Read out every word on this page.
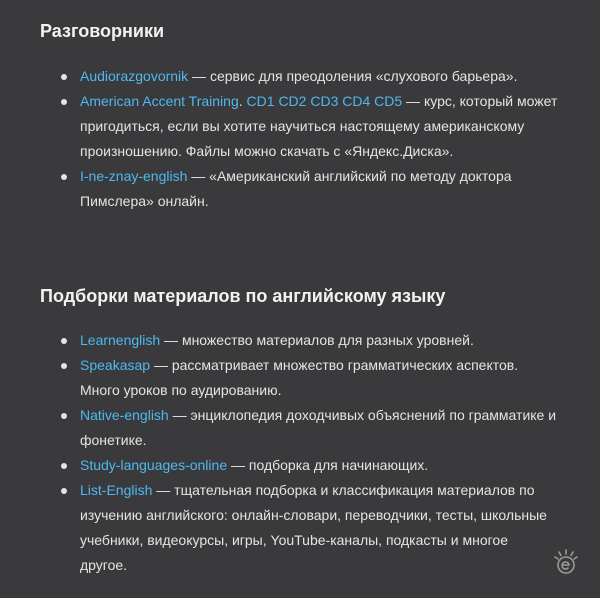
Разговорники
Audiorazgovornik — сервис для преодоления «слухового барьера».
American Accent Training. CD1 CD2 CD3 CD4 CD5 — курс, который может пригодиться, если вы хотите научиться настоящему американскому произношению. Файлы можно скачать с «Яндекс.Диска».
I-ne-znay-english — «Американский английский по методу доктора Пимслера» онлайн.
Подборки материалов по английскому языку
Learnenglish — множество материалов для разных уровней.
Speakasap — рассматривает множество грамматических аспектов. Много уроков по аудированию.
Native-english — энциклопедия доходчивых объяснений по грамматике и фонетике.
Study-languages-online — подборка для начинающих.
List-English — тщательная подборка и классификация материалов по изучению английского: онлайн-словари, переводчики, тесты, школьные учебники, видеокурсы, игры, YouTube-каналы, подкасты и многое другое.
